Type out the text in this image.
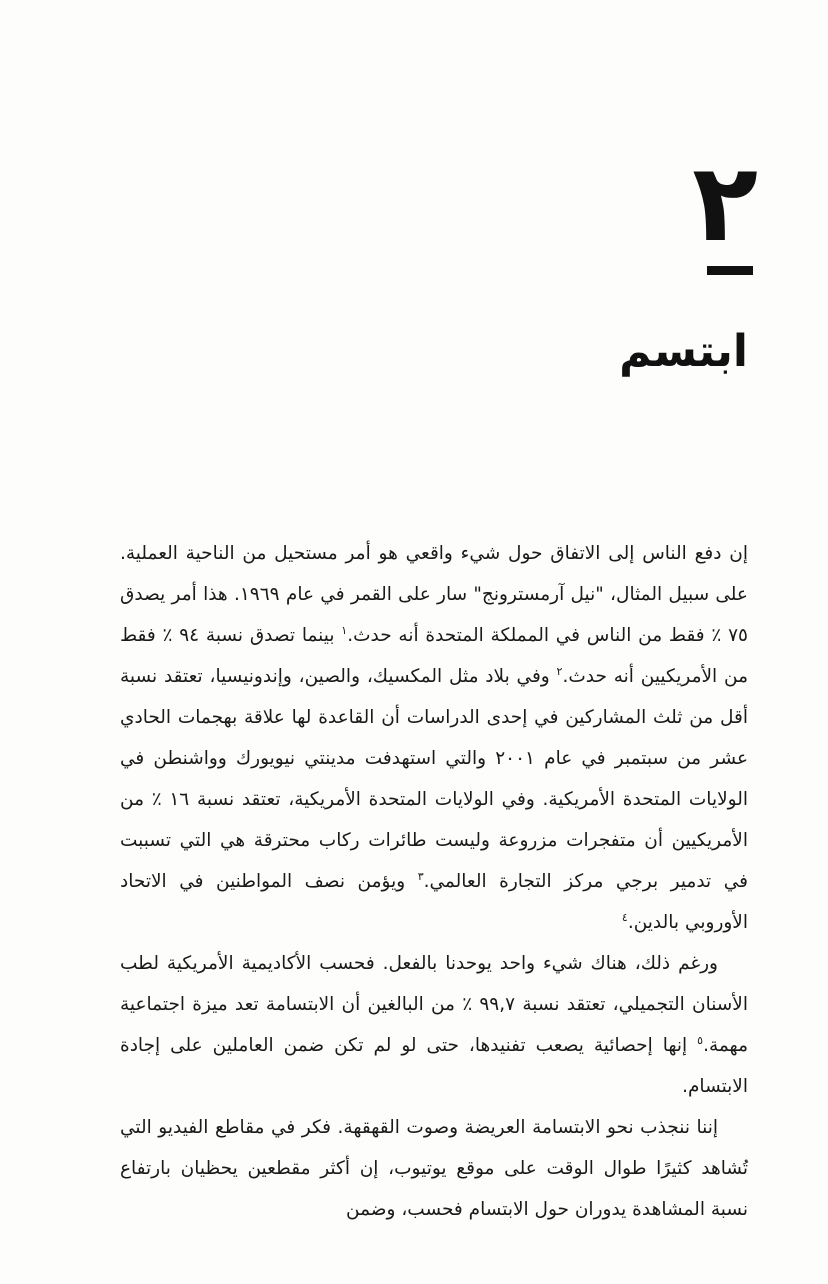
٢
ابتسم

إن دفع الناس إلى الاتفاق حول شيء واقعي هو أمر مستحيل من الناحية العملية. على سبيل المثال، "نيل آرمسترونج" سار على القمر في عام ١٩٦٩. هذا أمر يصدق ٧٥ ٪ فقط من الناس في المملكة المتحدة أنه حدث.$^١$ بينما تصدق نسبة ٩٤ ٪ فقط من الأمريكيين أنه حدث.$^٢$ وفي بلاد مثل المكسيك، والصين، وإندونيسيا، تعتقد نسبة أقل من ثلث المشاركين في إحدى الدراسات أن القاعدة لها علاقة بهجمات الحادي عشر من سبتمبر في عام ٢٠٠١ والتي استهدفت مدينتي نيويورك وواشنطن في الولايات المتحدة الأمريكية. وفي الولايات المتحدة الأمريكية، تعتقد نسبة ١٦ ٪ من الأمريكيين أن متفجرات مزروعة وليست طائرات ركاب محترقة هي التي تسببت في تدمير برجي مركز التجارة العالمي.$^٣$ ويؤمن نصف المواطنين في الاتحاد الأوروبي بالدين.$^٤$

ورغم ذلك، هناك شيء واحد يوحدنا بالفعل. فحسب الأكاديمية الأمريكية لطب الأسنان التجميلي، تعتقد نسبة ٩٩,٧ ٪ من البالغين أن الابتسامة تعد ميزة اجتماعية مهمة.$^٥$ إنها إحصائية يصعب تفنيدها، حتى لو لم تكن ضمن العاملين على إجادة الابتسام.

إننا ننجذب نحو الابتسامة العريضة وصوت القهقهة. فكر في مقاطع الفيديو التي تُشاهد كثيرًا طوال الوقت على موقع يوتيوب، إن أكثر مقطعين يحظيان بارتفاع نسبة المشاهدة يدوران حول الابتسام فحسب، وضمن
